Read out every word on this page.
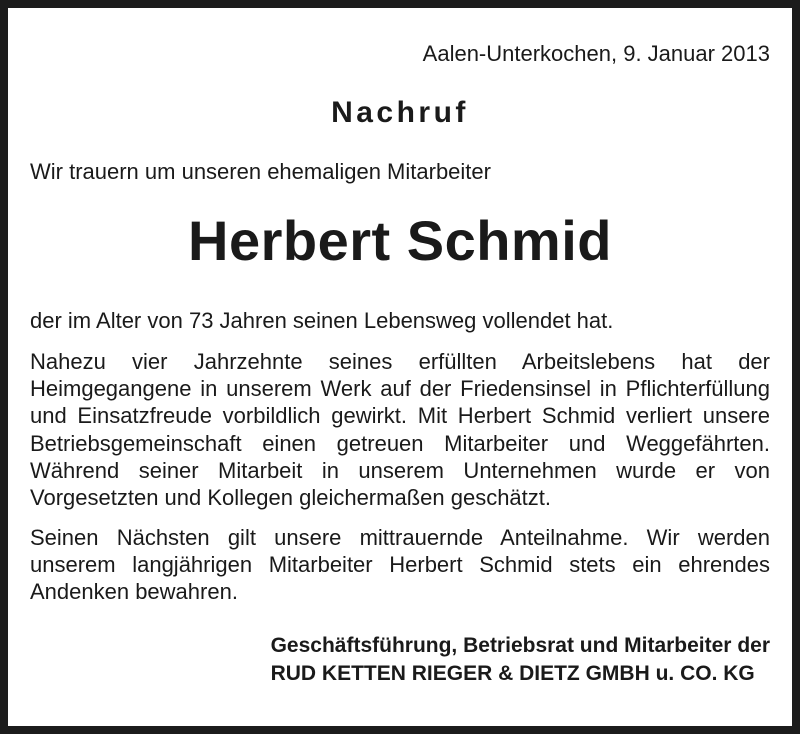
Aalen-Unterkochen, 9. Januar 2013
Nachruf
Wir trauern um unseren ehemaligen Mitarbeiter
Herbert Schmid
der im Alter von 73 Jahren seinen Lebensweg vollendet hat.
Nahezu vier Jahrzehnte seines erfüllten Arbeitslebens hat der Heimgegangene in unserem Werk auf der Friedensinsel in Pflichterfüllung und Einsatzfreude vorbildlich gewirkt. Mit Herbert Schmid verliert unsere Betriebsgemeinschaft einen getreuen Mitarbeiter und Weggefährten. Während seiner Mitarbeit in unserem Unternehmen wurde er von Vorgesetzten und Kollegen gleichermaßen geschätzt.
Seinen Nächsten gilt unsere mittrauernde Anteilnahme. Wir werden unserem langjährigen Mitarbeiter Herbert Schmid stets ein ehrendes Andenken bewahren.
Geschäftsführung, Betriebsrat und Mitarbeiter der
RUD KETTEN RIEGER & DIETZ GMBH u. CO. KG
